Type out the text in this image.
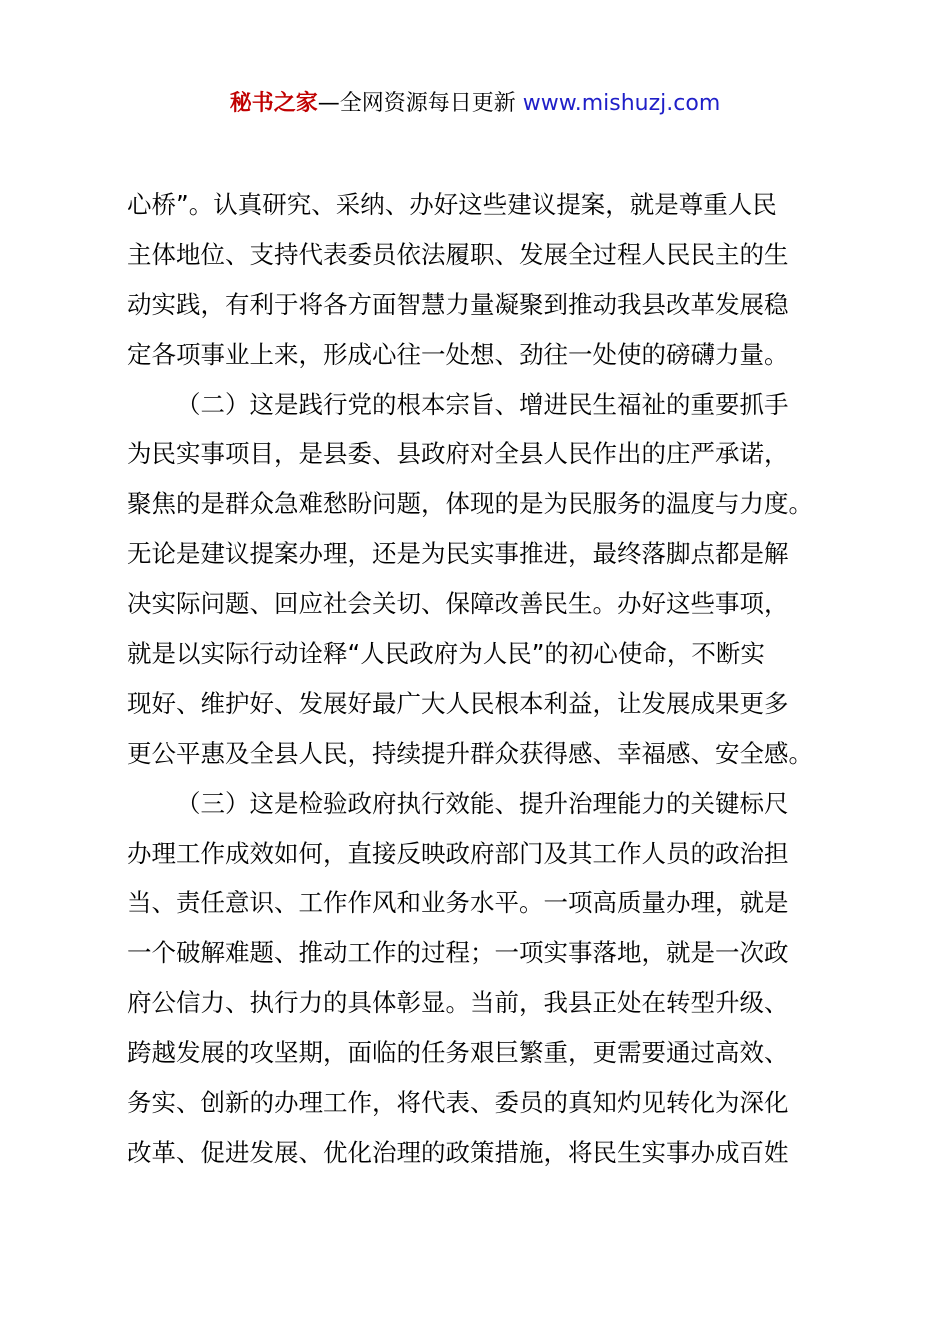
秘书之家—全网资源每日更新 www.mishuzj.com
心桥”。认真研究、采纳、办好这些建议提案，就是尊重人民
主体地位、支持代表委员依法履职、发展全过程人民民主的生
动实践，有利于将各方面智慧力量凝聚到推动我县改革发展稳
定各项事业上来，形成心往一处想、劲往一处使的磅礴力量。
（二）这是践行党的根本宗旨、增进民生福祉的重要抓手
为民实事项目，是县委、县政府对全县人民作出的庄严承诺，
聚焦的是群众急难愁盼问题，体现的是为民服务的温度与力度。
无论是建议提案办理，还是为民实事推进，最终落脚点都是解
决实际问题、回应社会关切、保障改善民生。办好这些事项，
就是以实际行动诠释“人民政府为人民”的初心使命，不断实
现好、维护好、发展好最广大人民根本利益，让发展成果更多
更公平惠及全县人民，持续提升群众获得感、幸福感、安全感。
（三）这是检验政府执行效能、提升治理能力的关键标尺
办理工作成效如何，直接反映政府部门及其工作人员的政治担
当、责任意识、工作作风和业务水平。一项高质量办理，就是
一个破解难题、推动工作的过程；一项实事落地，就是一次政
府公信力、执行力的具体彰显。当前，我县正处在转型升级、
跨越发展的攻坚期，面临的任务艰巨繁重，更需要通过高效、
务实、创新的办理工作，将代表、委员的真知灼见转化为深化
改革、促进发展、优化治理的政策措施，将民生实事办成百姓
